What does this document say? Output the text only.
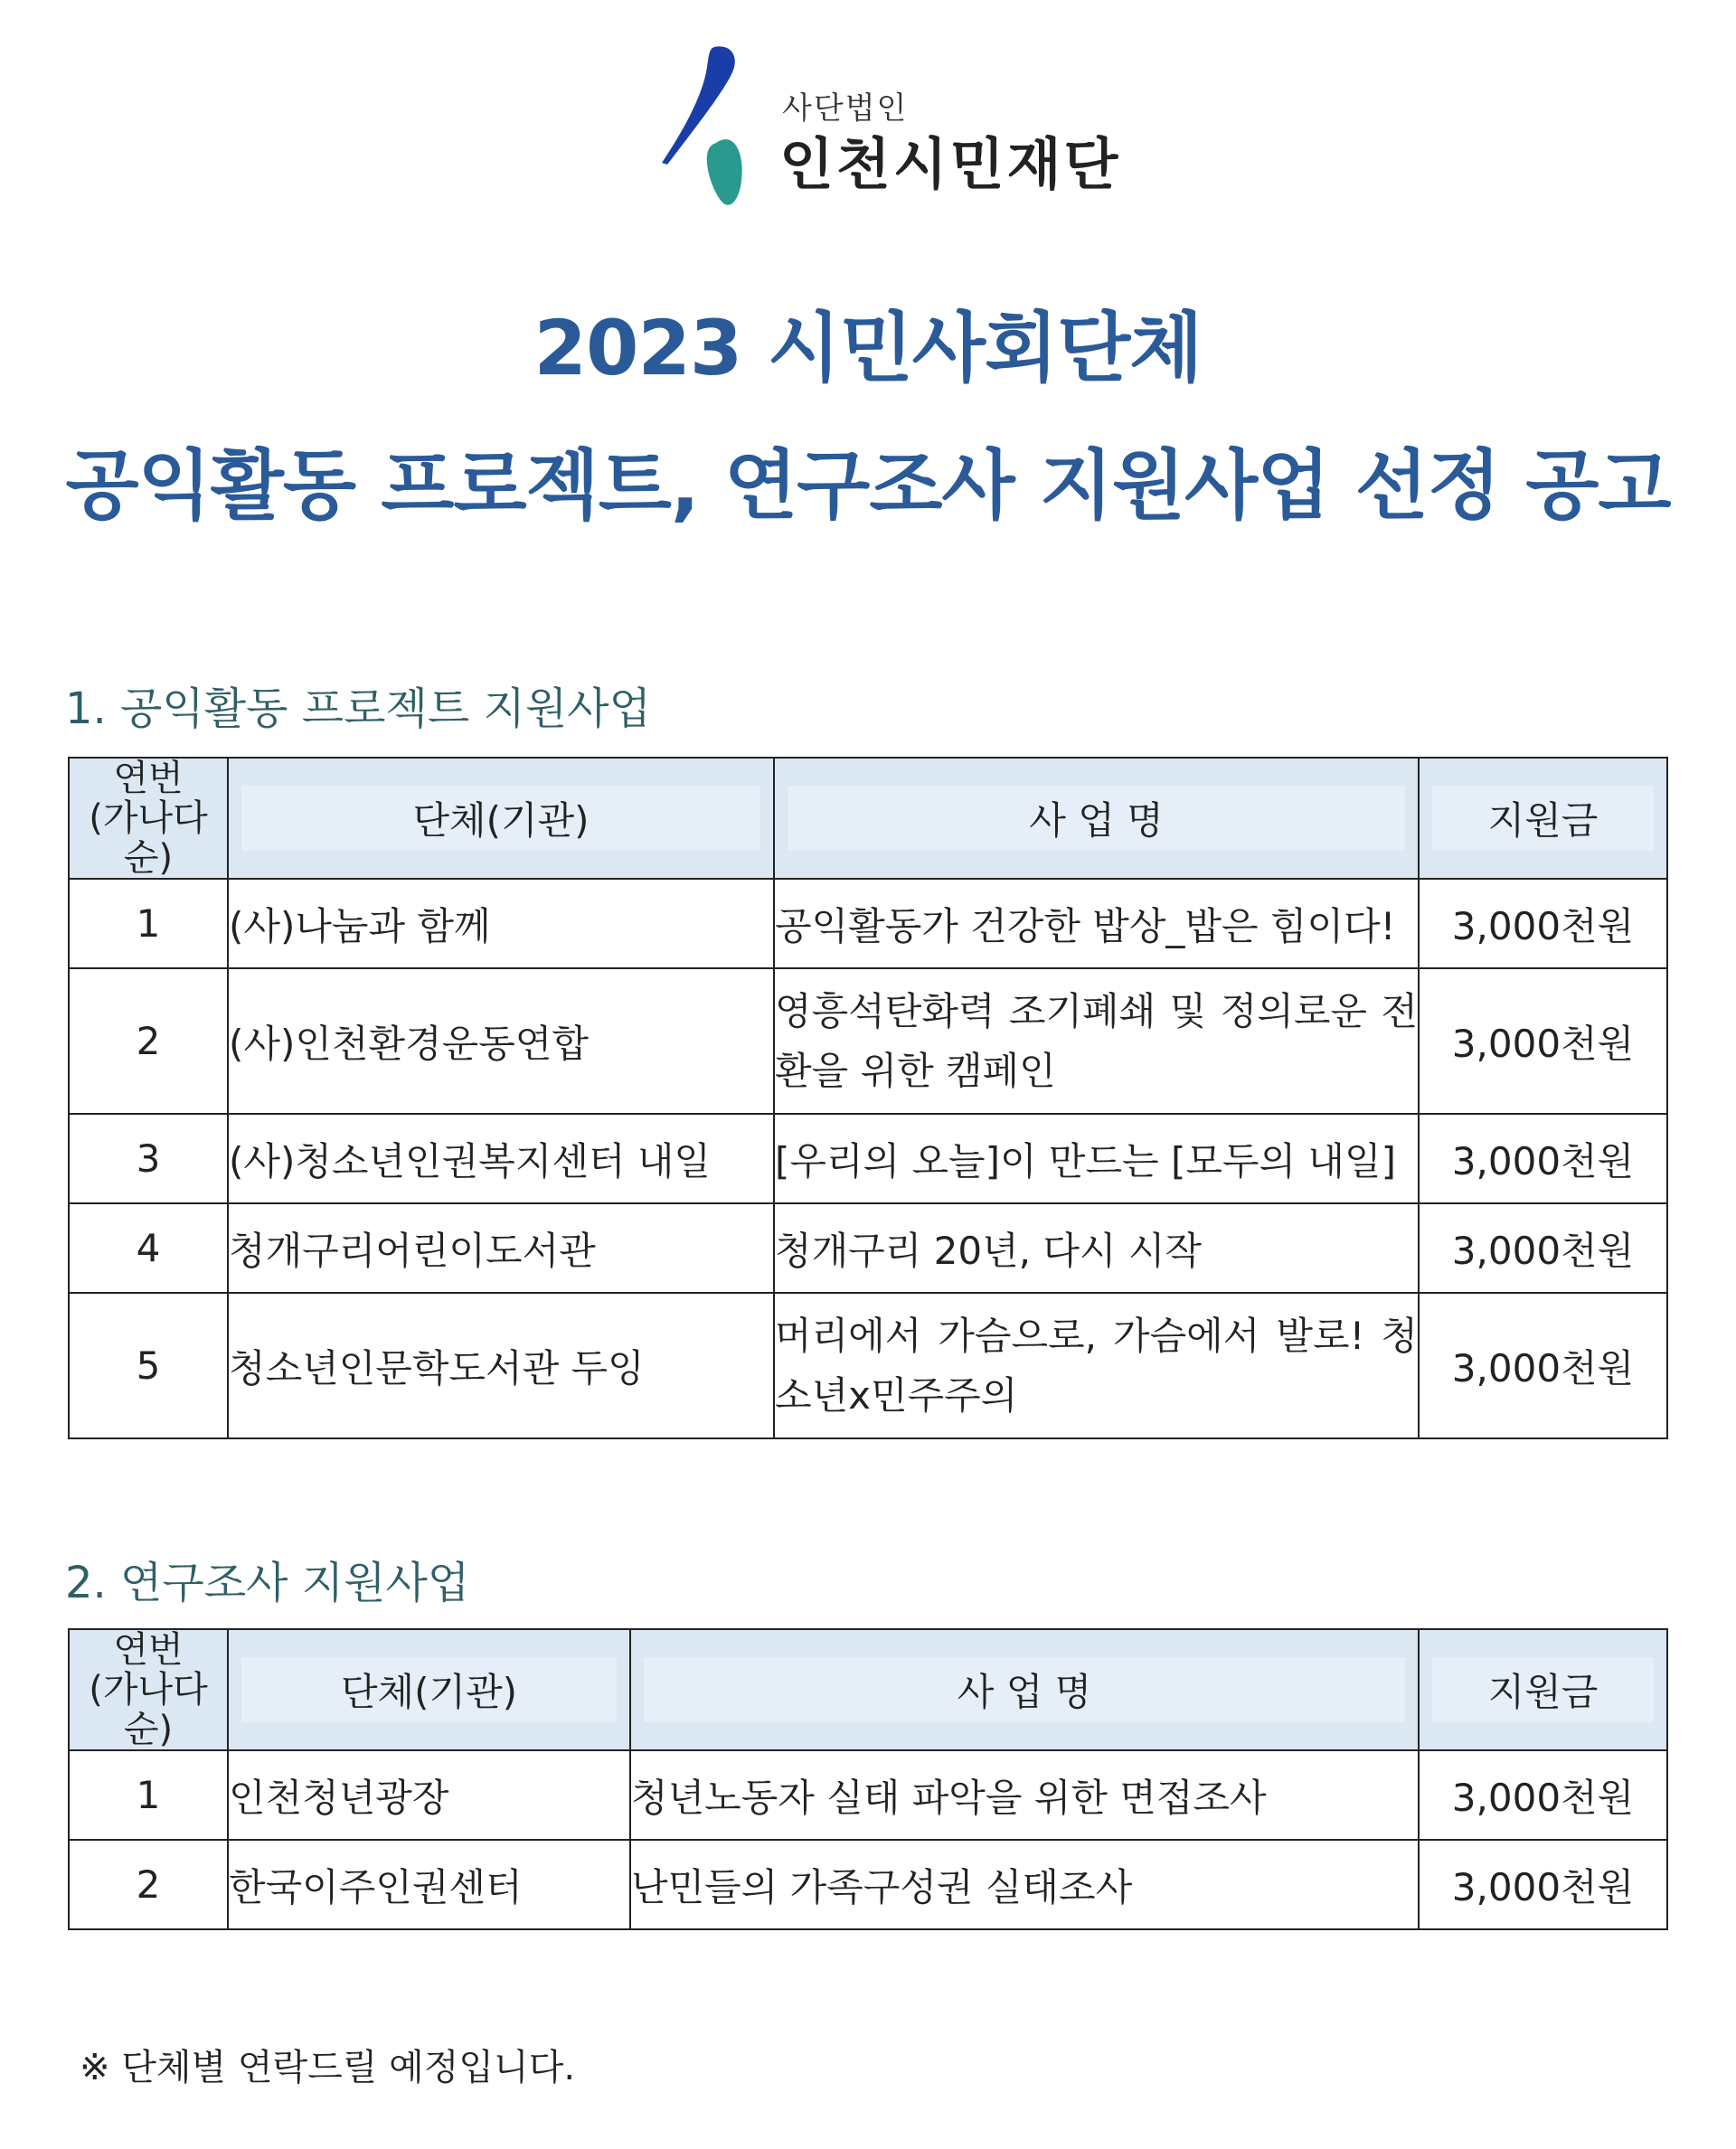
사단법인
인천시민재단
2023 시민사회단체
공익활동 프로젝트, 연구조사 지원사업 선정 공고
1. 공익활동 프로젝트 지원사업
연번
(가나다
순)	단체(기관)	사 업 명	지원금

1	(사)나눔과 함께	공익활동가 건강한 밥상_밥은 힘이다!	3,000천원
2	(사)인천환경운동연합	영흥석탄화력 조기폐쇄 및 정의로운 전환을 위한 캠페인	3,000천원
3	(사)청소년인권복지센터 내일	[우리의 오늘]이 만드는 [모두의 내일]	3,000천원
4	청개구리어린이도서관	청개구리 20년, 다시 시작	3,000천원
5	청소년인문학도서관 두잉	머리에서 가슴으로, 가슴에서 발로! 청소년x민주주의	3,000천원
2. 연구조사 지원사업
연번
(가나다
순)	단체(기관)	사 업 명	지원금

1	인천청년광장	청년노동자 실태 파악을 위한 면접조사	3,000천원
2	한국이주인권센터	난민들의 가족구성권 실태조사	3,000천원
※ 단체별 연락드릴 예정입니다.
